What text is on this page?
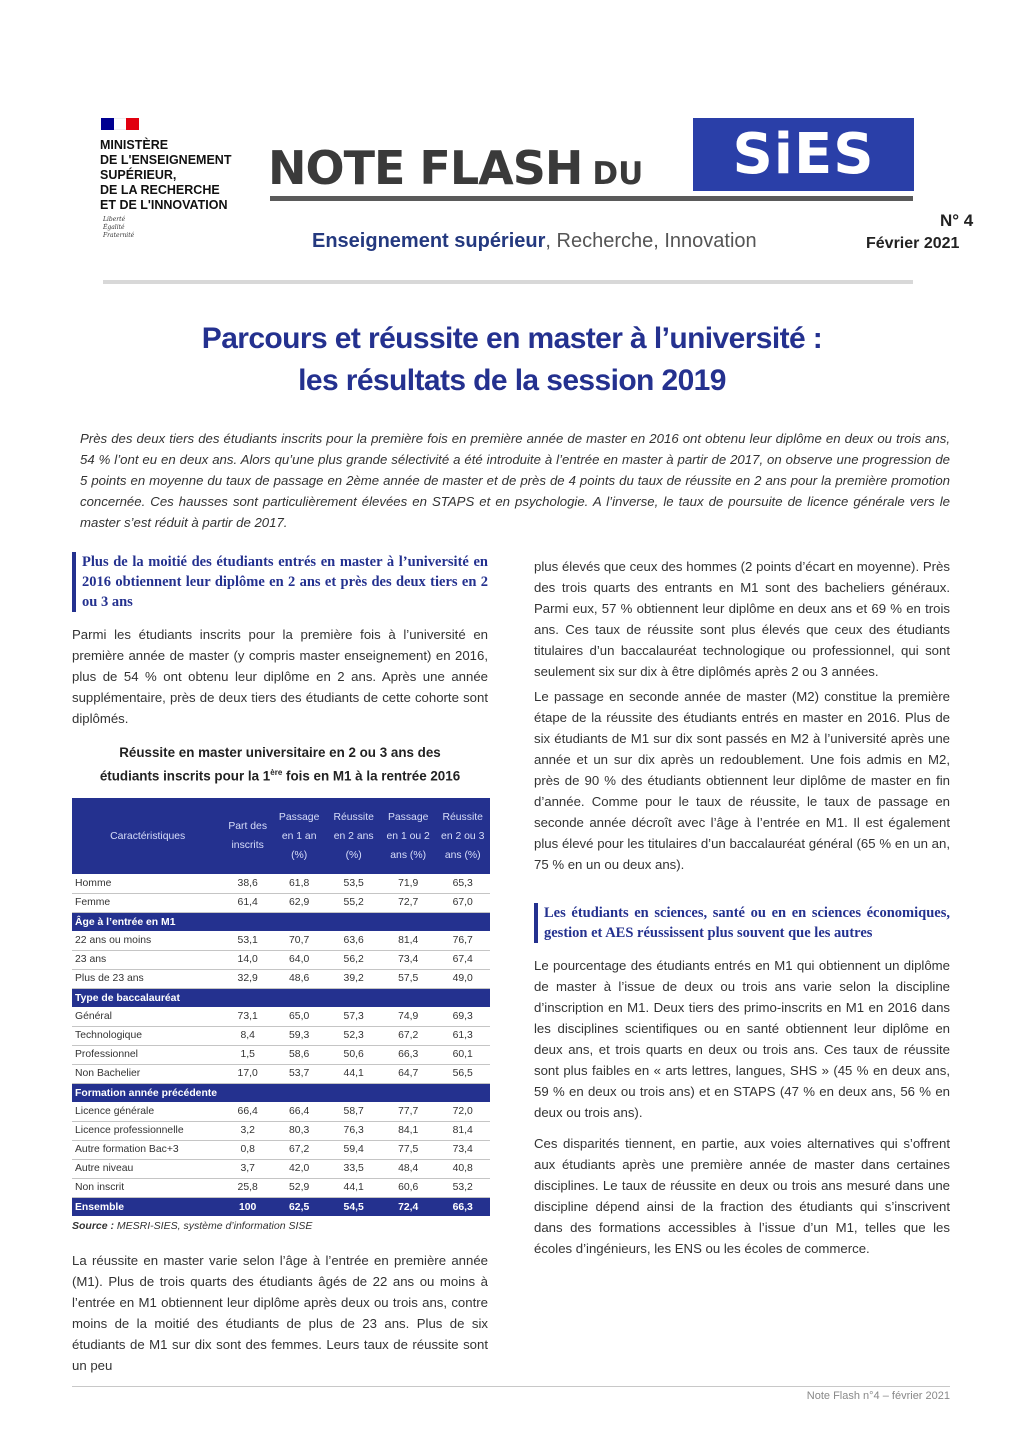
MINISTÈRE
DE L'ENSEIGNEMENT
SUPÉRIEUR,
DE LA RECHERCHE
ET DE L'INNOVATION
Liberté
Égalité
Fraternité
NOTE FLASH DU	SiES
Enseignement supérieur, Recherche, Innovation
N° 4
Février 2021
Parcours et réussite en master à l’université :
les résultats de la session 2019
Près des deux tiers des étudiants inscrits pour la première fois en première année de master en 2016 ont obtenu leur diplôme en deux ou trois ans, 54 % l’ont eu en deux ans. Alors qu’une plus grande sélectivité a été introduite à l’entrée en master à partir de 2017, on observe une progression de 5 points en moyenne du taux de passage en 2ème année de master et de près de 4 points du taux de réussite en 2 ans pour la première promotion concernée. Ces hausses sont particulièrement élevées en STAPS et en psychologie. A l’inverse, le taux de poursuite de licence générale vers le master s’est réduit à partir de 2017.
Plus de la moitié des étudiants entrés en master à l’université en 2016 obtiennent leur diplôme en 2 ans et près des deux tiers en 2 ou 3 ans
Parmi les étudiants inscrits pour la première fois à l’université en première année de master (y compris master enseignement) en 2016, plus de 54 % ont obtenu leur diplôme en 2 ans. Après une année supplémentaire, près de deux tiers des étudiants de cette cohorte sont diplômés.
Réussite en master universitaire en 2 ou 3 ans des
étudiants inscrits pour la 1ère fois en M1 à la rentrée 2016
Caractéristiques	Part des inscrits	Passage en 1 an (%)	Réussite en 2 ans (%)	Passage en 1 ou 2 ans (%)	Réussite en 2 ou 3 ans (%)
Homme	38,6	61,8	53,5	71,9	65,3
Femme	61,4	62,9	55,2	72,7	67,0
Âge à l’entrée en M1					
22 ans ou moins	53,1	70,7	63,6	81,4	76,7
23 ans	14,0	64,0	56,2	73,4	67,4
Plus de 23 ans	32,9	48,6	39,2	57,5	49,0
Type de baccalauréat					
Général	73,1	65,0	57,3	74,9	69,3
Technologique	8,4	59,3	52,3	67,2	61,3
Professionnel	1,5	58,6	50,6	66,3	60,1
Non Bachelier	17,0	53,7	44,1	64,7	56,5
Formation année précédente					
Licence générale	66,4	66,4	58,7	77,7	72,0
Licence professionnelle	3,2	80,3	76,3	84,1	81,4
Autre formation Bac+3	0,8	67,2	59,4	77,5	73,4
Autre niveau	3,7	42,0	33,5	48,4	40,8
Non inscrit	25,8	52,9	44,1	60,6	53,2
Ensemble	100	62,5	54,5	72,4	66,3
Source : MESRI-SIES, système d’information SISE
La réussite en master varie selon l’âge à l’entrée en première année (M1). Plus de trois quarts des étudiants âgés de 22 ans ou moins à l’entrée en M1 obtiennent leur diplôme après deux ou trois ans, contre moins de la moitié des étudiants de plus de 23 ans. Plus de six étudiants de M1 sur dix sont des femmes. Leurs taux de réussite sont un peu
plus élevés que ceux des hommes (2 points d’écart en moyenne). Près des trois quarts des entrants en M1 sont des bacheliers généraux. Parmi eux, 57 % obtiennent leur diplôme en deux ans et 69 % en trois ans. Ces taux de réussite sont plus élevés que ceux des étudiants titulaires d’un baccalauréat technologique ou professionnel, qui sont seulement six sur dix à être diplômés après 2 ou 3 années.
Le passage en seconde année de master (M2) constitue la première étape de la réussite des étudiants entrés en master en 2016. Plus de six étudiants de M1 sur dix sont passés en M2 à l’université après une année et un sur dix après un redoublement. Une fois admis en M2, près de 90 % des étudiants obtiennent leur diplôme de master en fin d’année. Comme pour le taux de réussite, le taux de passage en seconde année décroît avec l’âge à l’entrée en M1. Il est également plus élevé pour les titulaires d’un baccalauréat général (65 % en un an, 75 % en un ou deux ans).
Les étudiants en sciences, santé ou en en sciences économiques, gestion et AES réussissent plus souvent que les autres
Le pourcentage des étudiants entrés en M1 qui obtiennent un diplôme de master à l’issue de deux ou trois ans varie selon la discipline d’inscription en M1. Deux tiers des primo-inscrits en M1 en 2016 dans les disciplines scientifiques ou en santé obtiennent leur diplôme en deux ans, et trois quarts en deux ou trois ans. Ces taux de réussite sont plus faibles en « arts lettres, langues, SHS » (45 % en deux ans, 59 % en deux ou trois ans) et en STAPS (47 % en deux ans, 56 % en deux ou trois ans).
Ces disparités tiennent, en partie, aux voies alternatives qui s’offrent aux étudiants après une première année de master dans certaines disciplines. Le taux de réussite en deux ou trois ans mesuré dans une discipline dépend ainsi de la fraction des étudiants qui s’inscrivent dans des formations accessibles à l’issue d’un M1, telles que les écoles d’ingénieurs, les ENS ou les écoles de commerce.
Note Flash n°4 – février 2021
